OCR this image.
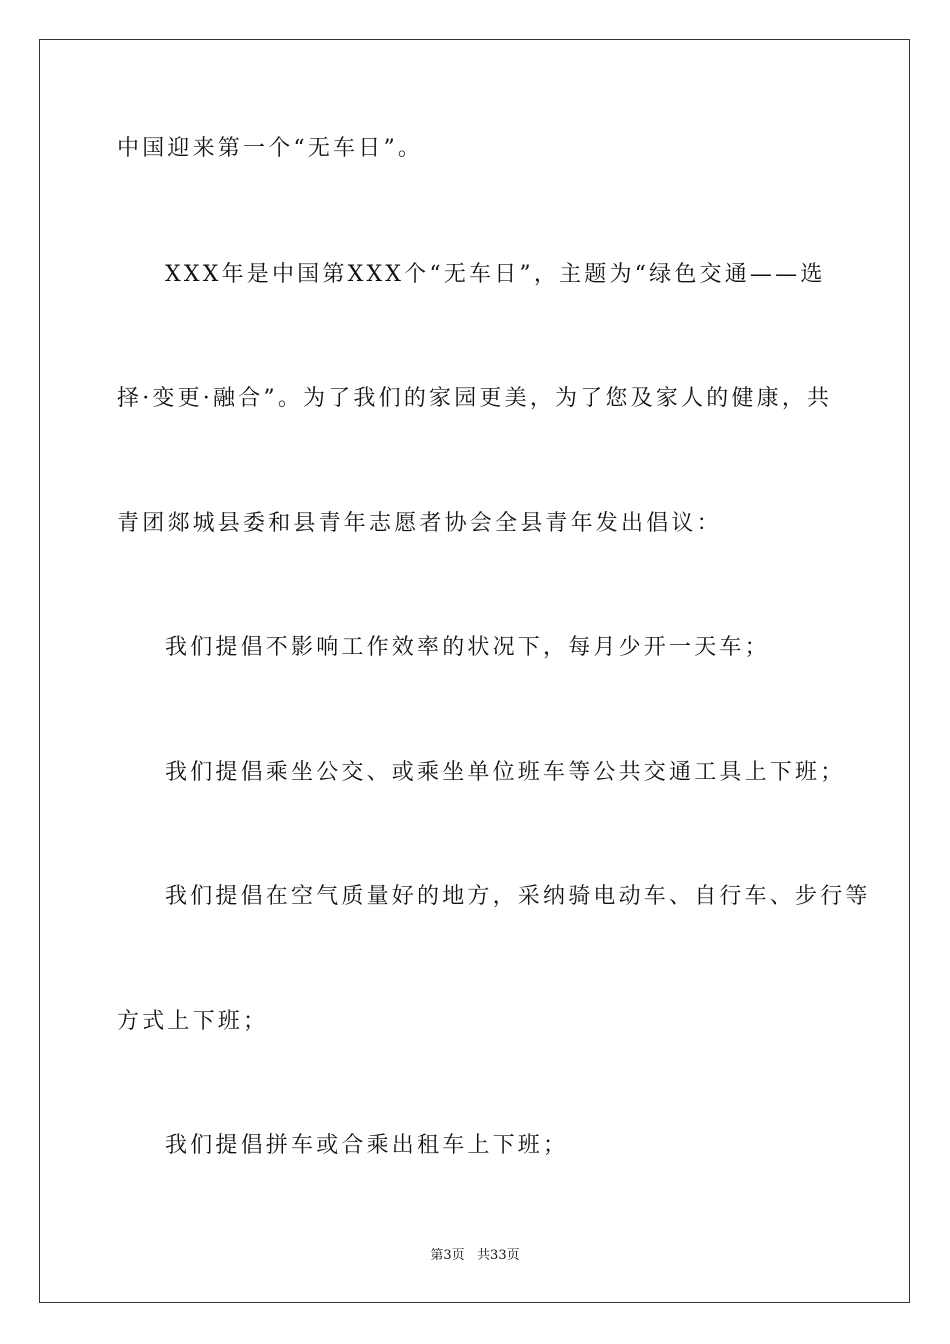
中国迎来第一个“无车日”。
XXX年是中国第XXX个“无车日”，主题为“绿色交通——选
择·变更·融合”。为了我们的家园更美，为了您及家人的健康，共
青团郯城县委和县青年志愿者协会全县青年发出倡议：
我们提倡不影响工作效率的状况下，每月少开一天车；
我们提倡乘坐公交、或乘坐单位班车等公共交通工具上下班；
我们提倡在空气质量好的地方，采纳骑电动车、自行车、步行等
方式上下班；
我们提倡拼车或合乘出租车上下班；
第3页   共33页
